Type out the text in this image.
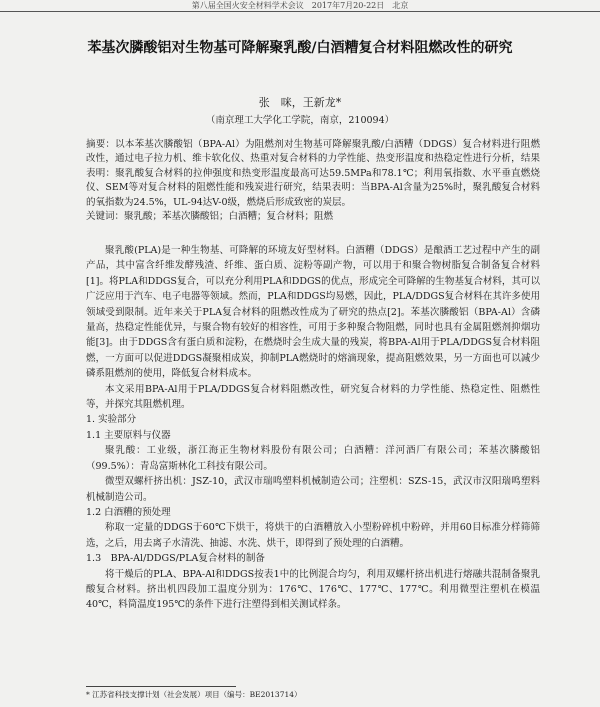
第八届全国火安全材料学术会议　2017年7月20-22日　北京
苯基次膦酸铝对生物基可降解聚乳酸/白酒糟复合材料阻燃改性的研究
张　咪，王新龙*
（南京理工大学化工学院，南京，210094）

摘要：以本苯基次膦酸铝（BPA-Al）为阻燃剂对生物基可降解聚乳酸/白酒糟（DDGS）复合材料进行阻燃改性，通过电子拉力机、维卡软化仪、热重对复合材料的力学性能、热变形温度和热稳定性进行分析，结果表明：聚乳酸复合材料的拉伸强度和热变形温度最高可达59.5MPa和78.1℃；利用氧指数、水平垂直燃烧仪、SEM等对复合材料的阻燃性能和残炭进行研究，结果表明：当BPA-Al含量为25%时，聚乳酸复合材料的氧指数为24.5%，UL-94达V-0级，燃烧后形成致密的炭层。

关键词：聚乳酸；苯基次膦酸铝；白酒糟；复合材料；阻燃

聚乳酸(PLA)是一种生物基、可降解的环境友好型材料。白酒糟（DDGS）是酿酒工艺过程中产生的副产品，其中富含纤维发酵残渣、纤维、蛋白质、淀粉等副产物，可以用于和聚合物树脂复合制备复合材料[1]。将PLA和DDGS复合，可以充分利用PLA和DDGS的优点，形成完全可降解的生物基复合材料，其可以广泛应用于汽车、电子电器等领域。然而，PLA和DDGS均易燃，因此，PLA/DDGS复合材料在其许多使用领域受到限制。近年来关于PLA复合材料的阻燃改性成为了研究的热点[2]。苯基次膦酸铝（BPA-Al）含磷量高，热稳定性能优异，与聚合物有较好的相容性，可用于多种聚合物阻燃，同时也具有金属阻燃剂抑烟功能[3]。由于DDGS含有蛋白质和淀粉，在燃烧时会生成大量的残炭，将BPA-Al用于PLA/DDGS复合材料阻燃，一方面可以促进DDGS凝聚相成炭，抑制PLA燃烧时的熔滴现象，提高阻燃效果，另一方面也可以减少磷系阻燃剂的使用，降低复合材料成本。

本文采用BPA-Al用于PLA/DDGS复合材料阻燃改性，研究复合材料的力学性能、热稳定性、阻燃性等，并探究其阻燃机理。

1. 实验部分

1.1 主要原料与仪器

聚乳酸：工业级，浙江海正生物材料股份有限公司；白酒糟：洋河酒厂有限公司；苯基次膦酸铝（99.5%）：青岛富斯林化工科技有限公司。

微型双螺杆挤出机：JSZ-10，武汉市瑞鸣塑料机械制造公司；注塑机：SZS-15，武汉市汉阳瑞鸣塑料机械制造公司。

1.2 白酒糟的预处理

称取一定量的DDGS于60℃下烘干，将烘干的白酒糟放入小型粉碎机中粉碎，并用60目标准分样筛筛选，之后，用去离子水清洗、抽滤、水洗、烘干，即得到了预处理的白酒糟。

1.3　BPA-Al/DDGS/PLA复合材料的制备

将干燥后的PLA、BPA-Al和DDGS按表1中的比例混合均匀，利用双螺杆挤出机进行熔融共混制备聚乳酸复合材料。挤出机四段加工温度分别为：176℃、176℃、177℃、177℃。利用微型注塑机在模温40℃，料筒温度195℃的条件下进行注塑得到相关测试样条。

* 江苏省科技支撑计划（社会发展）项目（编号：BE2013714）
